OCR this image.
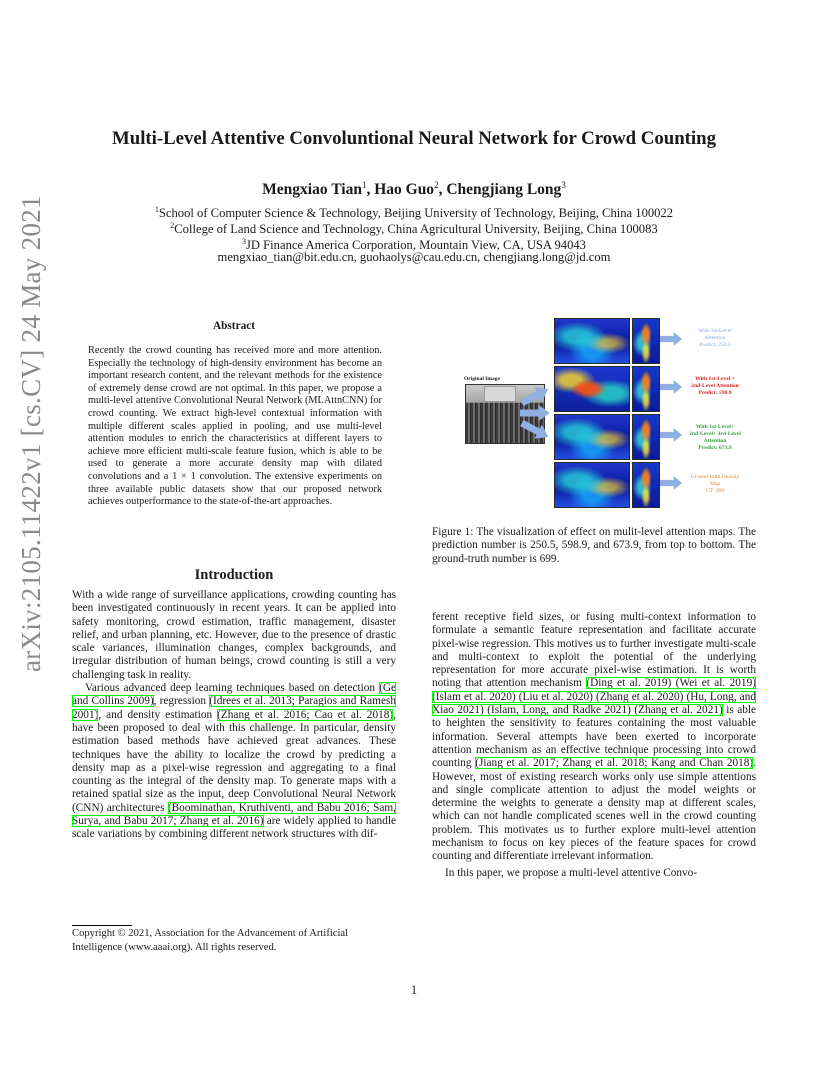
arXiv:2105.11422v1 [cs.CV] 24 May 2021
Multi-Level Attentive Convoluntional Neural Network for Crowd Counting
Mengxiao Tian$^1$, Hao Guo$^2$, Chengjiang Long$^3$
$^1$School of Computer Science & Technology, Beijing University of Technology, Beijing, China 100022
$^2$College of Land Science and Technology, China Agricultural University, Beijing, China 100083
$^3$JD Finance America Corporation, Mountain View, CA, USA 94043
mengxiao_tian@bit.edu.cn, guohaolys@cau.edu.cn, chengjiang.long@jd.com
Abstract
Recently the crowd counting has received more and more attention. Especially the technology of high-density environment has become an important research content, and the relevant methods for the existence of extremely dense crowd are not optimal. In this paper, we propose a multi-level attentive Convolutional Neural Network (MLAttnCNN) for crowd counting. We extract high-level contextual information with multiple different scales applied in pooling, and use multi-level attention modules to enrich the characteristics at different layers to achieve more efficient multi-scale feature fusion, which is able to be used to generate a more accurate density map with dilated convolutions and a 1 × 1 convolution. The extensive experiments on three available public datasets show that our proposed network achieves outperformance to the state-of-the-art approaches.
Original Image
With 1st-Level
Attention
Predict: 250.5
With 1st-Level +
2nd-Level Attention
Predict: 598.9
With 1st-Level+
2nd-Level+ 3rd-Level Attention
Predict: 673.9
Ground-truth Density
Map
GT: 699
Figure 1: The visualization of effect on mulit-level attention maps. The prediction number is 250.5, 598.9, and 673.9, from top to bottom. The ground-truth number is 699.
Introduction

With a wide range of surveillance applications, crowding counting has been investigated continuously in recent years. It can be applied into safety monitoring, crowd estimation, traffic management, disaster relief, and urban planning, etc. However, due to the presence of drastic scale variances, illumination changes, complex backgrounds, and irregular distribution of human beings, crowd counting is still a very challenging task in reality.

Various advanced deep learning techniques based on detection (Ge and Collins 2009), regression (Idrees et al. 2013; Paragios and Ramesh 2001), and density estimation (Zhang et al. 2016; Cao et al. 2018), have been proposed to deal with this challenge. In particular, density estimation based methods have achieved great advances. These techniques have the ability to localize the crowd by predicting a density map as a pixel-wise regression and aggregating to a final counting as the integral of the density map. To generate maps with a retained spatial size as the input, deep Convolutional Neural Network (CNN) architectures (Boominathan, Kruthiventi, and Babu 2016; Sam, Surya, and Babu 2017; Zhang et al. 2016) are widely applied to handle scale variations by combining different network structures with dif-

ferent receptive field sizes, or fusing multi-context information to formulate a semantic feature representation and facilitate accurate pixel-wise regression. This motives us to further investigate multi-scale and multi-context to exploit the potential of the underlying representation for more accurate pixel-wise estimation. It is worth noting that attention mechanism (Ding et al. 2019) (Wei et al. 2019) (Islam et al. 2020) (Liu et al. 2020) (Zhang et al. 2020) (Hu, Long, and Xiao 2021) (Islam, Long, and Radke 2021) (Zhang et al. 2021) is able to heighten the sensitivity to features containing the most valuable information. Several attempts have been exerted to incorporate attention mechanism as an effective technique processing into crowd counting (Jiang et al. 2017; Zhang et al. 2018; Kang and Chan 2018). However, most of existing research works only use simple attentions and single complicate attention to adjust the model weights or determine the weights to generate a density map at different scales, which can not handle complicated scenes well in the crowd counting problem. This motivates us to further explore multi-level attention mechanism to focus on key pieces of the feature spaces for crowd counting and differentiate irrelevant information.

In this paper, we propose a multi-level attentive Convo-

Copyright © 2021, Association for the Advancement of Artificial Intelligence (www.aaai.org). All rights reserved.
1
